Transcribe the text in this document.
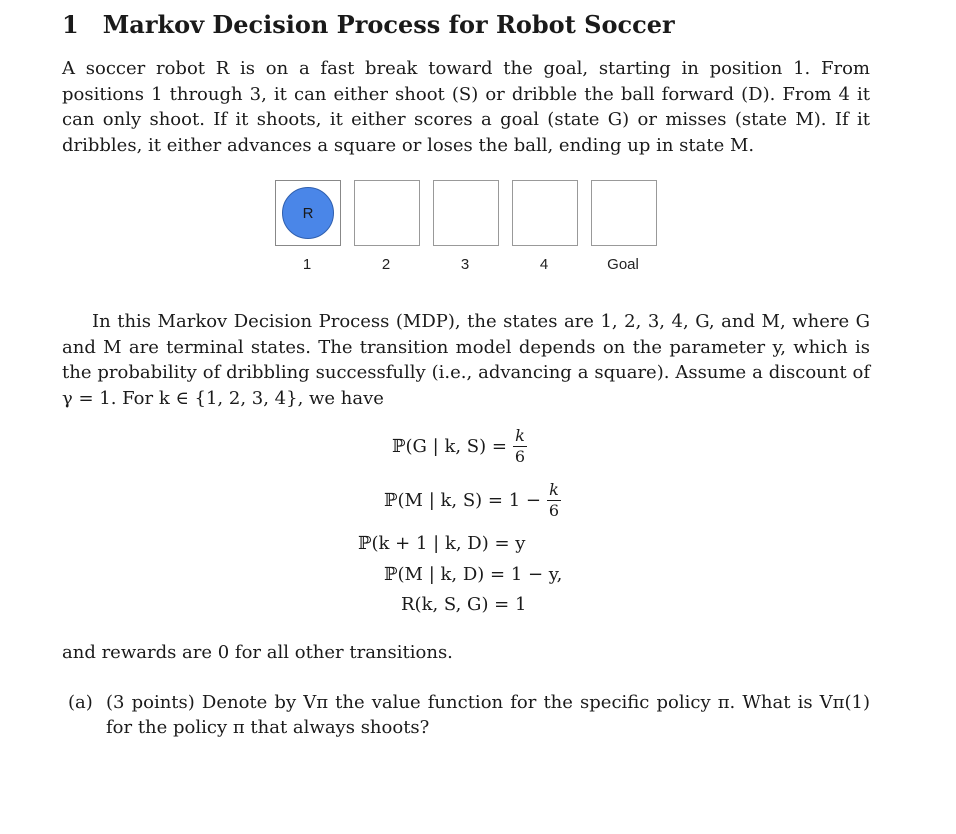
1 Markov Decision Process for Robot Soccer
A soccer robot R is on a fast break toward the goal, starting in position 1. From positions 1 through 3, it can either shoot (S) or dribble the ball forward (D). From 4 it can only shoot. If it shoots, it either scores a goal (state G) or misses (state M). If it dribbles, it either advances a square or loses the ball, ending up in state M.
R
1	2	3	4	Goal
In this Markov Decision Process (MDP), the states are 1, 2, 3, 4, G, and M, where G and M are terminal states. The transition model depends on the parameter y, which is the probability of dribbling successfully (i.e., advancing a square). Assume a discount of γ = 1. For k ∈ {1, 2, 3, 4}, we have
ℙ(G | k, $S) = \frac{k}{6}$
ℙ(M | k, $S) = 1 - \frac{k}{6}$
ℙ(k + 1 | k, D) = y
ℙ(M | k, D) = 1 − y,
R(k, S, G) = 1
and rewards are 0 for all other transitions.
(a) (3 points) Denote by Vπ the value function for the specific policy π. What is Vπ(1) for the policy π that always shoots?
